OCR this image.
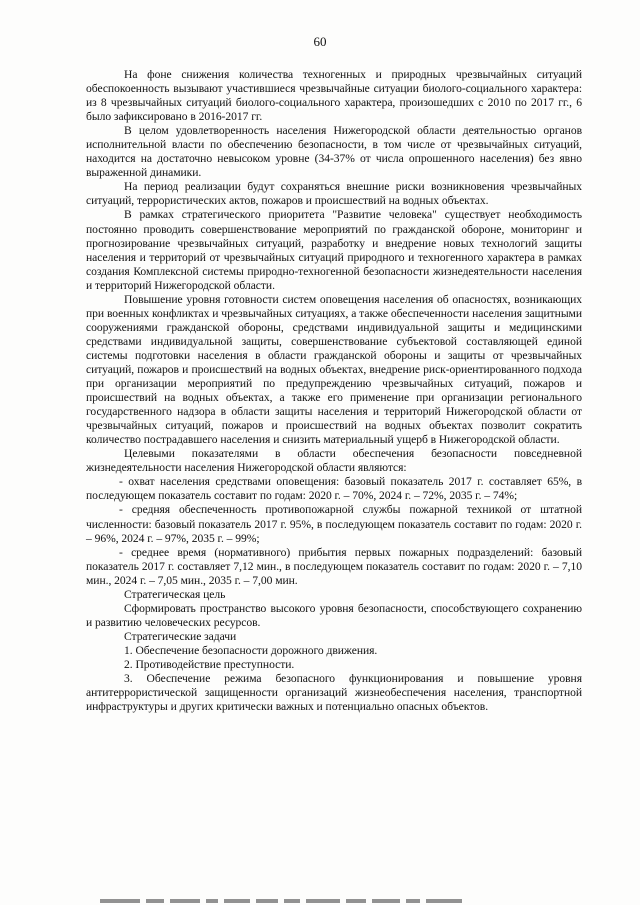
60

На фоне снижения количества техногенных и природных чрезвычайных ситуаций обеспокоенность вызывают участившиеся чрезвычайные ситуации биолого-социального характера: из 8 чрезвычайных ситуаций биолого-социального характера, произошедших с 2010 по 2017 гг., 6 было зафиксировано в 2016-2017 гг.

В целом удовлетворенность населения Нижегородской области деятельностью органов исполнительной власти по обеспечению безопасности, в том числе от чрезвычайных ситуаций, находится на достаточно невысоком уровне (34-37% от числа опрошенного населения) без явно выраженной динамики.

На период реализации будут сохраняться внешние риски возникновения чрезвычайных ситуаций, террористических актов, пожаров и происшествий на водных объектах.

В рамках стратегического приоритета "Развитие человека" существует необходимость постоянно проводить совершенствование мероприятий по гражданской обороне, мониторинг и прогнозирование чрезвычайных ситуаций, разработку и внедрение новых технологий защиты населения и территорий от чрезвычайных ситуаций природного и техногенного характера в рамках создания Комплексной системы природно-техногенной безопасности жизнедеятельности населения и территорий Нижегородской области.

Повышение уровня готовности систем оповещения населения об опасностях, возникающих при военных конфликтах и чрезвычайных ситуациях, а также обеспеченности населения защитными сооружениями гражданской обороны, средствами индивидуальной защиты и медицинскими средствами индивидуальной защиты, совершенствование субъектовой составляющей единой системы подготовки населения в области гражданской обороны и защиты от чрезвычайных ситуаций, пожаров и происшествий на водных объектах, внедрение риск-ориентированного подхода при организации мероприятий по предупреждению чрезвычайных ситуаций, пожаров и происшествий на водных объектах, а также его применение при организации регионального государственного надзора в области защиты населения и территорий Нижегородской области от чрезвычайных ситуаций, пожаров и происшествий на водных объектах позволит сократить количество пострадавшего населения и снизить материальный ущерб в Нижегородской области.

Целевыми показателями в области обеспечения безопасности повседневной жизнедеятельности населения Нижегородской области являются:

- охват населения средствами оповещения: базовый показатель 2017 г. составляет 65%, в последующем показатель составит по годам: 2020 г. – 70%, 2024 г. – 72%, 2035 г. – 74%;

- средняя обеспеченность противопожарной службы пожарной техникой от штатной численности: базовый показатель 2017 г. 95%, в последующем показатель составит по годам: 2020 г. – 96%, 2024 г. – 97%, 2035 г. – 99%;

- среднее время (нормативного) прибытия первых пожарных подразделений: базовый показатель 2017 г. составляет 7,12 мин., в последующем показатель составит по годам: 2020 г. – 7,10 мин., 2024 г. – 7,05 мин., 2035 г. – 7,00 мин.

Стратегическая цель

Сформировать пространство высокого уровня безопасности, способствующего сохранению и развитию человеческих ресурсов.

Стратегические задачи

1. Обеспечение безопасности дорожного движения.

2. Противодействие преступности.

3. Обеспечение режима безопасного функционирования и повышение уровня антитеррористической защищенности организаций жизнеобеспечения населения, транспортной инфраструктуры и других критически важных и потенциально опасных объектов.
